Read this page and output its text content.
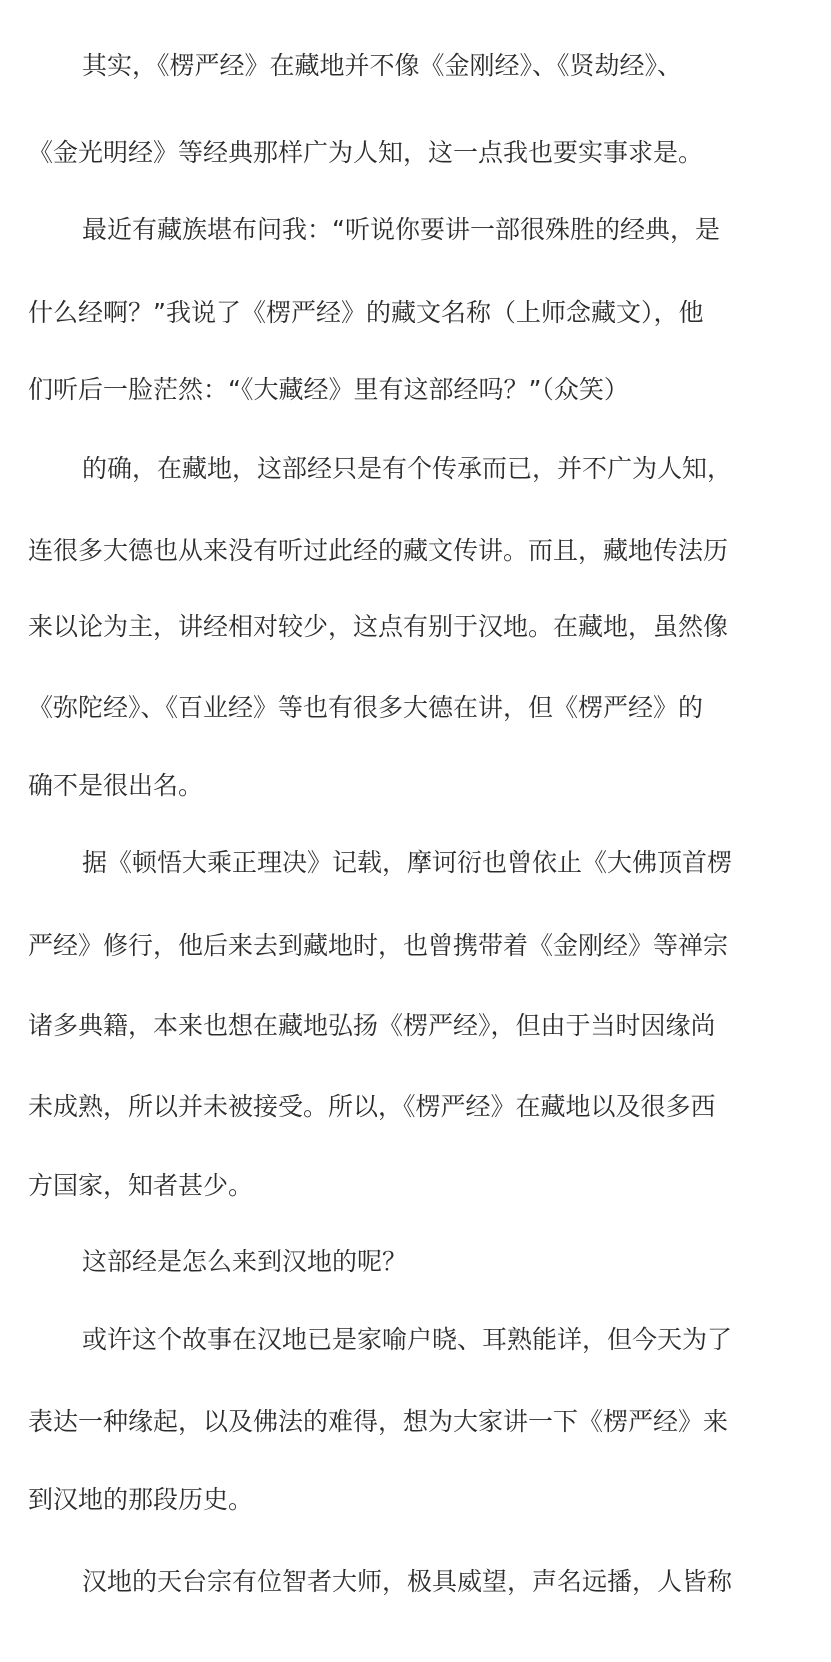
其实，《楞严经》在藏地并不像《金刚经》、《贤劫经》、
《金光明经》等经典那样广为人知，这一点我也要实事求是。
最近有藏族堪布问我：“听说你要讲一部很殊胜的经典，是
什么经啊？”我说了《楞严经》的藏文名称（上师念藏文），他
们听后一脸茫然：“《大藏经》里有这部经吗？”（众笑）
的确，在藏地，这部经只是有个传承而已，并不广为人知，
连很多大德也从来没有听过此经的藏文传讲。而且，藏地传法历
来以论为主，讲经相对较少，这点有别于汉地。在藏地，虽然像
《弥陀经》、《百业经》等也有很多大德在讲，但《楞严经》的
确不是很出名。
据《顿悟大乘正理决》记载，摩诃衍也曾依止《大佛顶首楞
严经》修行，他后来去到藏地时，也曾携带着《金刚经》等禅宗
诸多典籍，本来也想在藏地弘扬《楞严经》，但由于当时因缘尚
未成熟，所以并未被接受。所以，《楞严经》在藏地以及很多西
方国家，知者甚少。
这部经是怎么来到汉地的呢？
或许这个故事在汉地已是家喻户晓、耳熟能详，但今天为了
表达一种缘起，以及佛法的难得，想为大家讲一下《楞严经》来
到汉地的那段历史。
汉地的天台宗有位智者大师，极具威望，声名远播，人皆称
